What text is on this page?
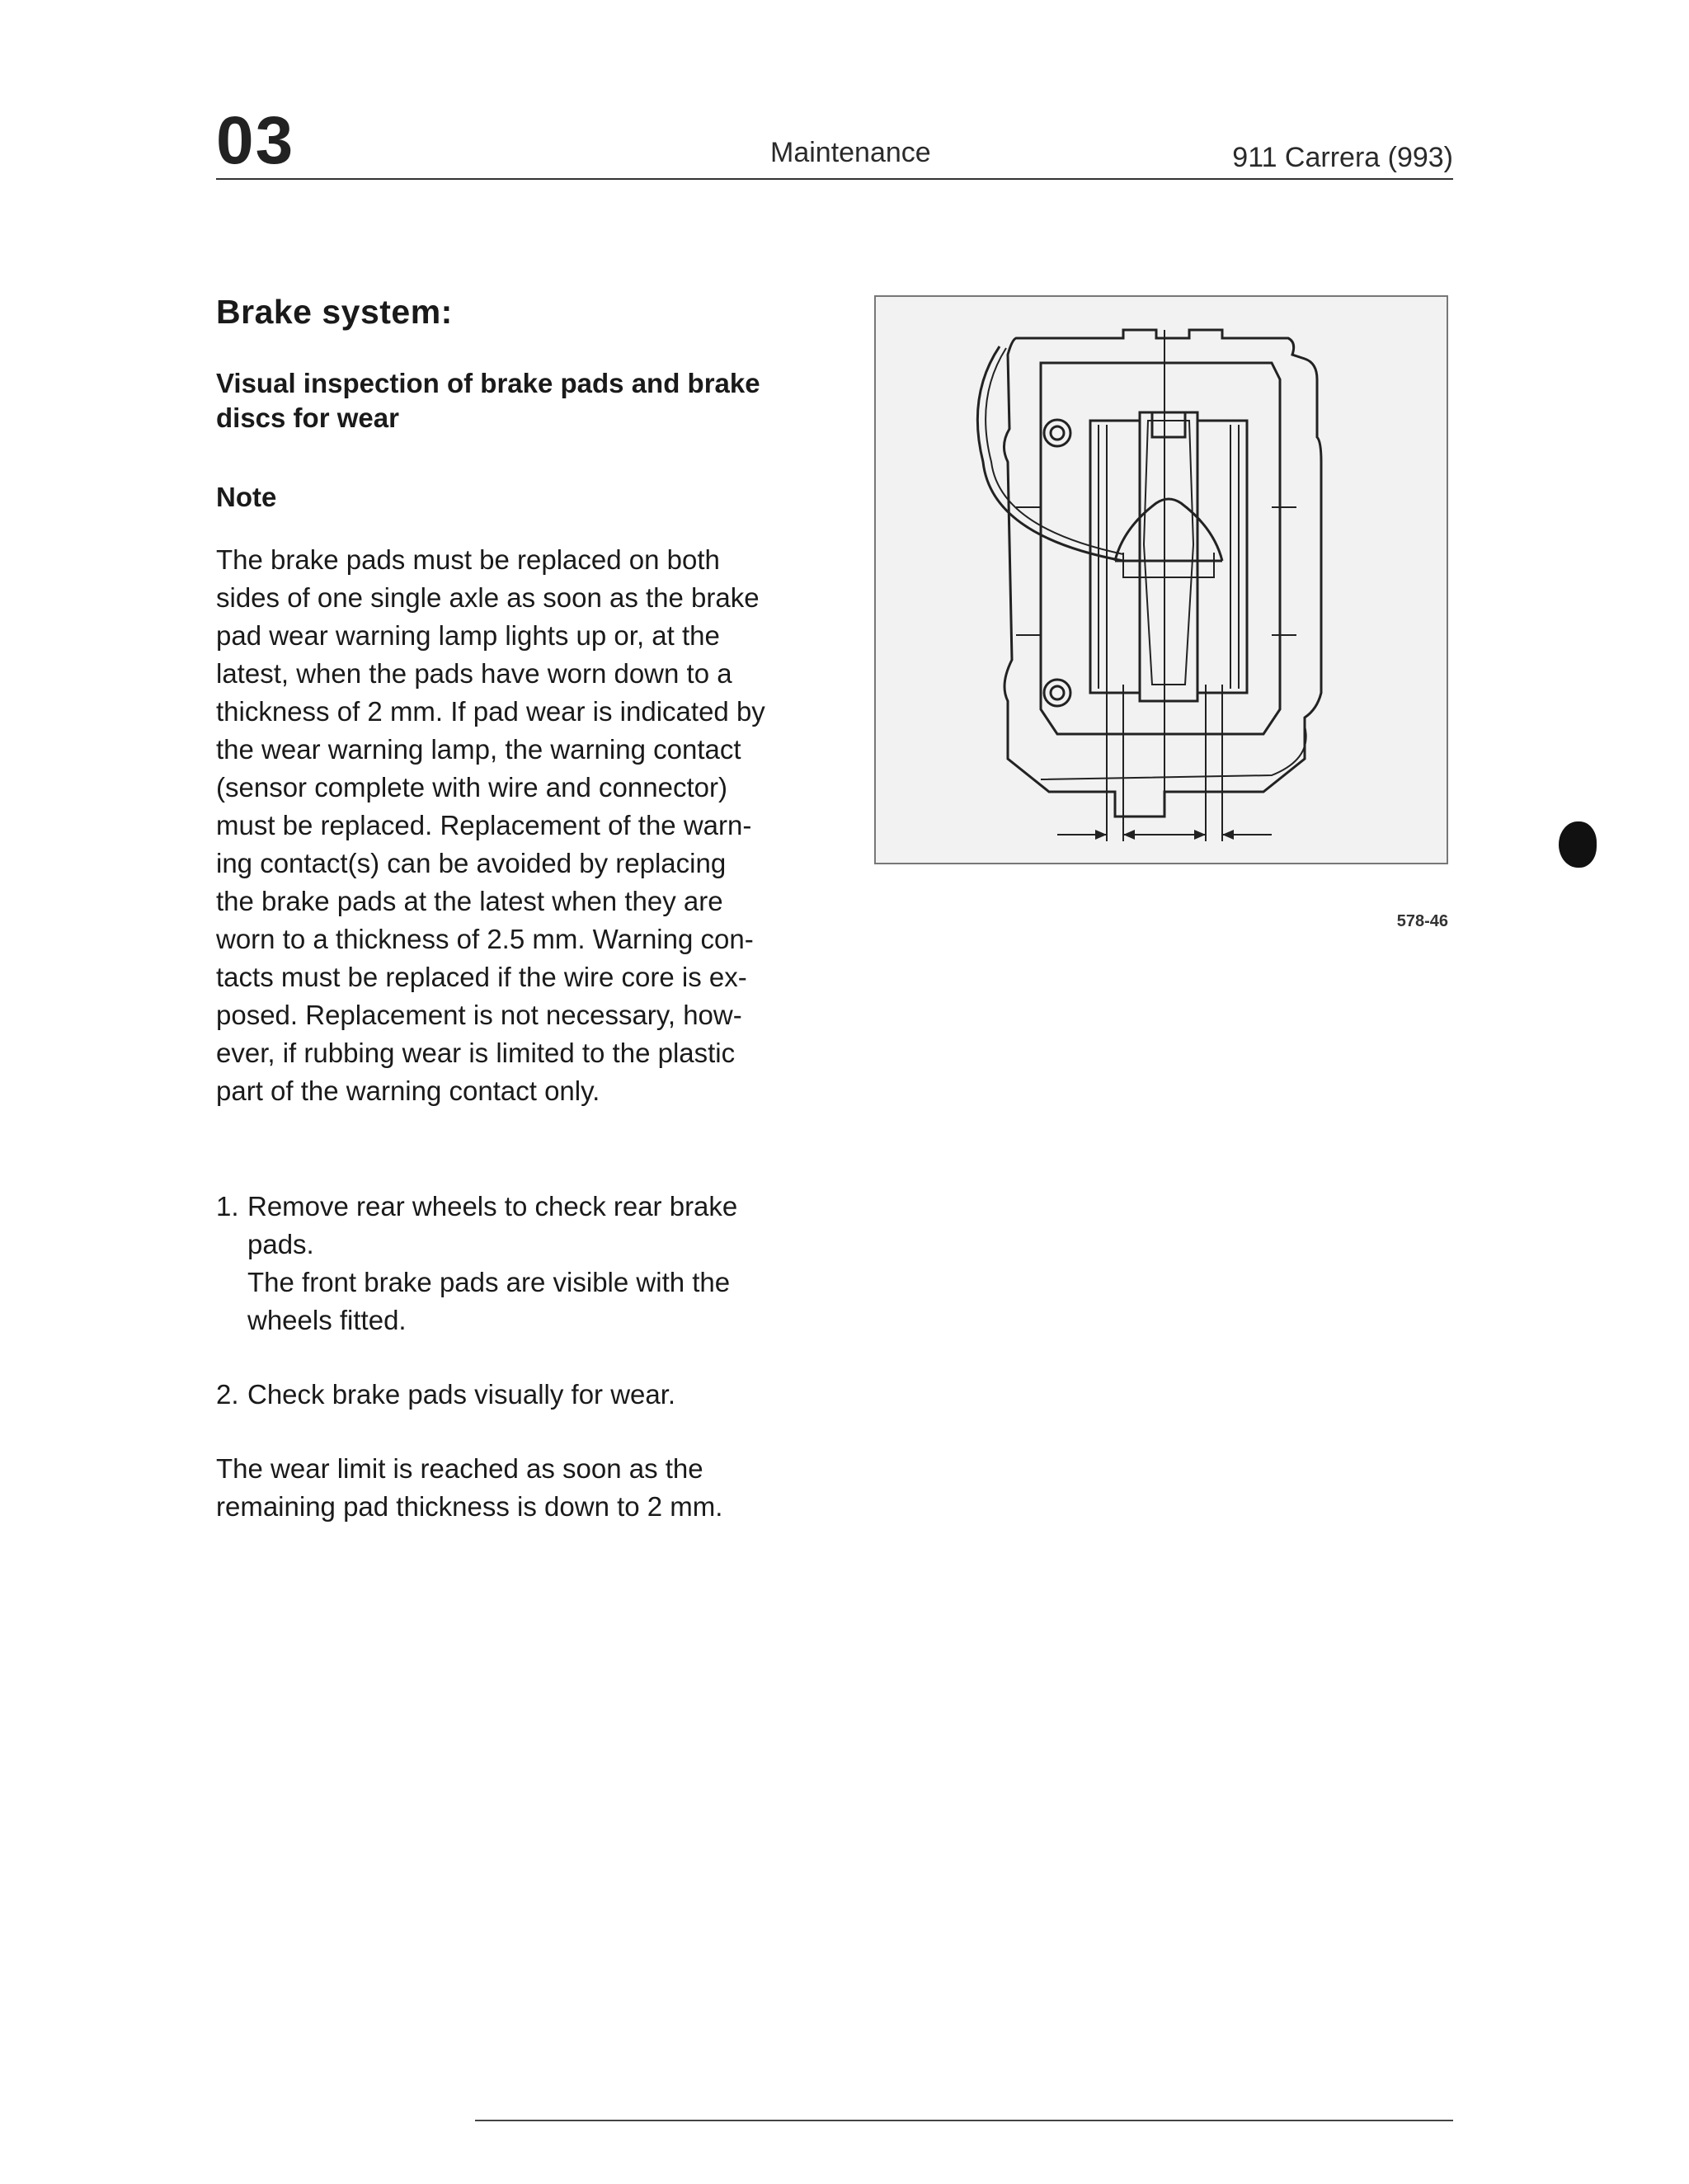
03	Maintenance	911 Carrera (993)
Brake system:
Visual inspection of brake pads and brake
discs for wear
Note

The brake pads must be replaced on both
sides of one single axle as soon as the brake
pad wear warning lamp lights up or, at the
latest, when the pads have worn down to a
thickness of 2 mm. If pad wear is indicated by
the wear warning lamp, the warning contact
(sensor complete with wire and connector)
must be replaced. Replacement of the warn-
ing contact(s) can be avoided by replacing
the brake pads at the latest when they are
worn to a thickness of 2.5 mm. Warning con-
tacts must be replaced if the wire core is ex-
posed. Replacement is not necessary, how-
ever, if rubbing wear is limited to the plastic
part of the warning contact only.

1. Remove rear wheels to check rear brake
pads.
The front brake pads are visible with the
wheels fitted.
2. Check brake pads visually for wear.
The wear limit is reached as soon as the
remaining pad thickness is down to 2 mm.
578-46
